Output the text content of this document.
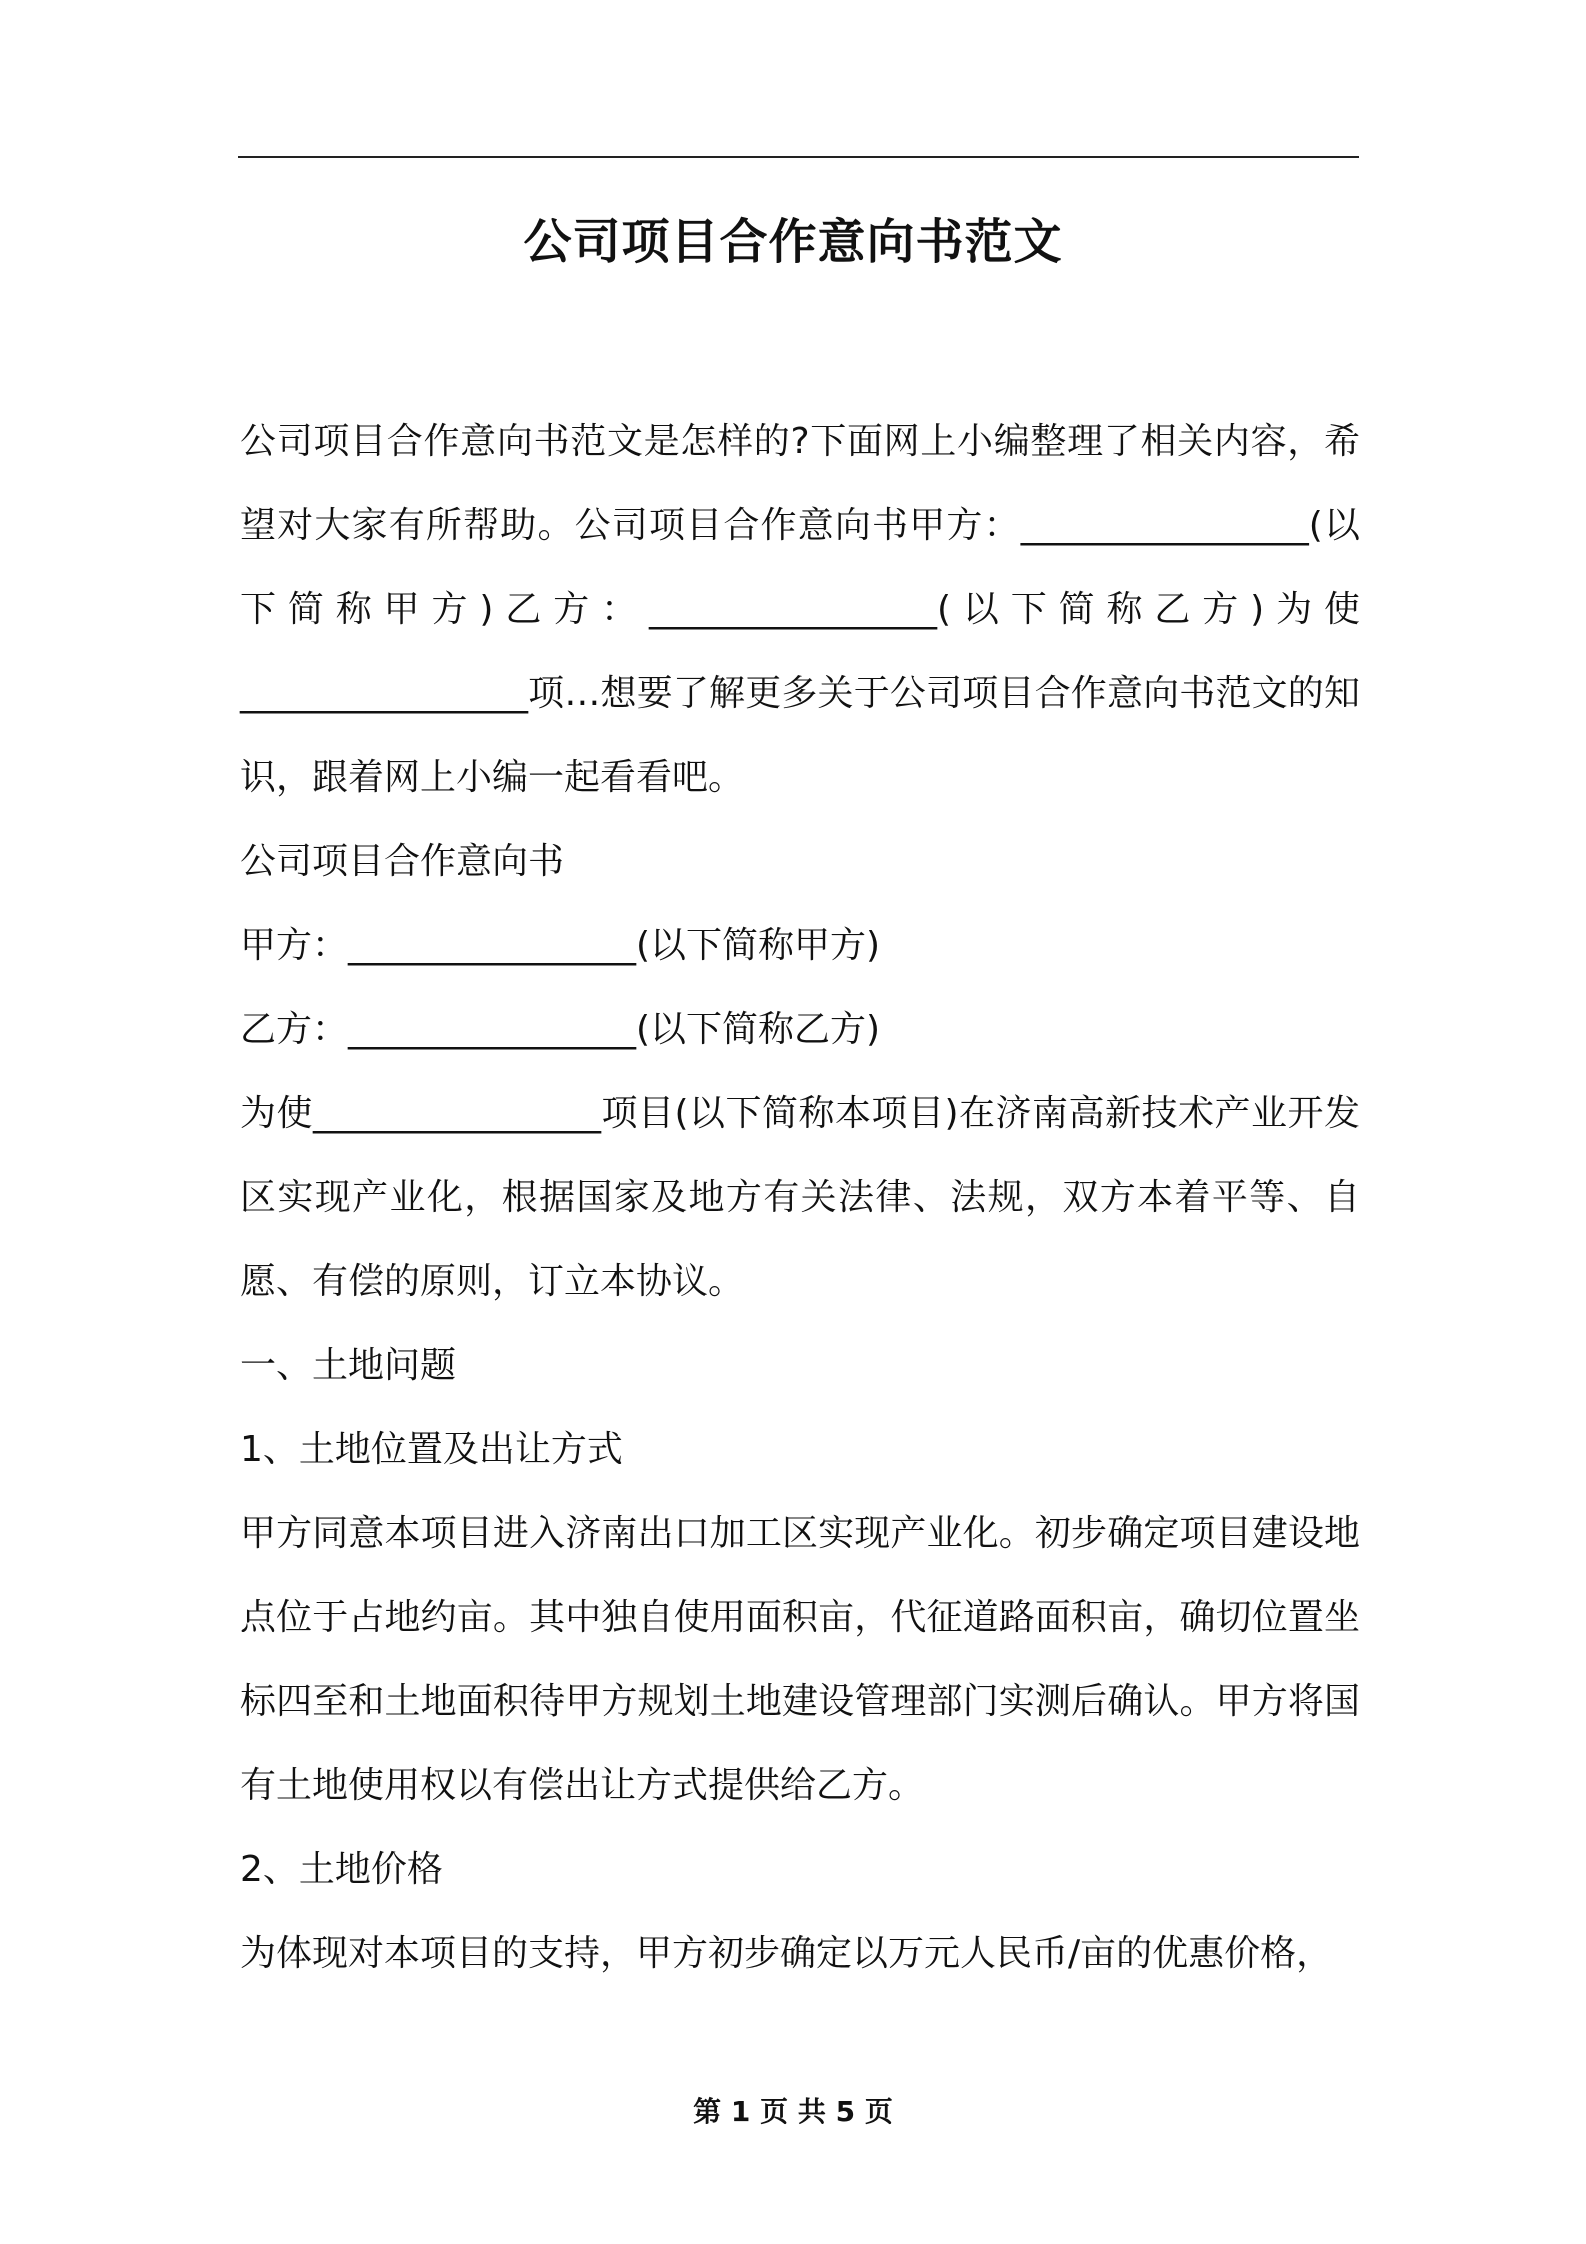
公司项目合作意向书范文

公司项目合作意向书范文是怎样的?下面网上小编整理了相关内容，希望对大家有所帮助。公司项目合作意向书甲方：________________(以下简称甲方)乙方：________________(以下简称乙方)为使________________项…想要了解更多关于公司项目合作意向书范文的知识，跟着网上小编一起看看吧。

公司项目合作意向书

甲方：________________(以下简称甲方)

乙方：________________(以下简称乙方)

为使________________项目(以下简称本项目)在济南高新技术产业开发区实现产业化，根据国家及地方有关法律、法规，双方本着平等、自愿、有偿的原则，订立本协议。

一、土地问题

1、土地位置及出让方式

甲方同意本项目进入济南出口加工区实现产业化。初步确定项目建设地点位于占地约亩。其中独自使用面积亩，代征道路面积亩，确切位置坐标四至和土地面积待甲方规划土地建设管理部门实测后确认。甲方将国有土地使用权以有偿出让方式提供给乙方。

2、土地价格

为体现对本项目的支持，甲方初步确定以万元人民币/亩的优惠价格，

第 1 页 共 5 页
